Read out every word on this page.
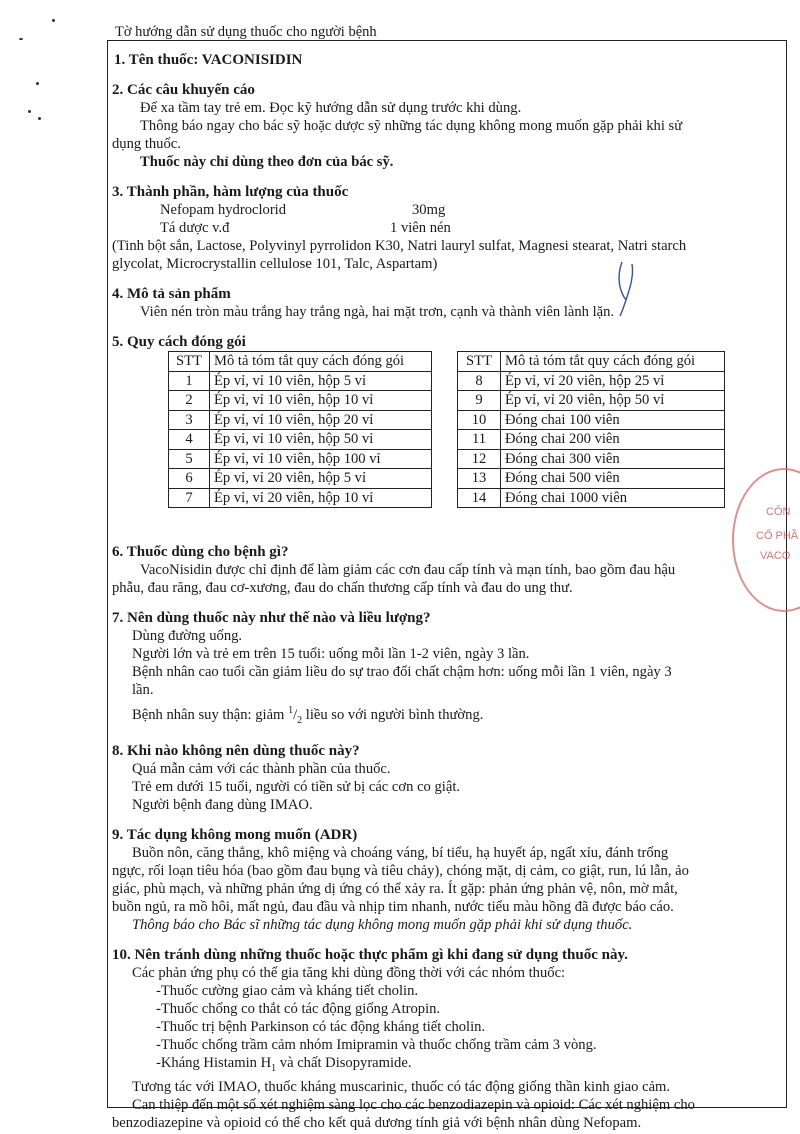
Tờ hướng dẫn sử dụng thuốc cho người bệnh
1. Tên thuốc: VACONISIDIN
2. Các câu khuyến cáo

Để xa tầm tay trẻ em. Đọc kỹ hướng dẫn sử dụng trước khi dùng.

Thông báo ngay cho bác sỹ hoặc dược sỹ những tác dụng không mong muốn gặp phải khi sử

dụng thuốc.

Thuốc này chỉ dùng theo đơn của bác sỹ.

3. Thành phần, hàm lượng của thuốc
Nefopam hydroclorid	30mg
Tá dược v.đ	1 viên nén

(Tinh bột sắn, Lactose, Polyvinyl pyrrolidon K30, Natri lauryl sulfat, Magnesi stearat, Natri starch

glycolat, Microcrystallin cellulose 101, Talc, Aspartam)

4. Mô tả sản phẩm

Viên nén tròn màu trắng hay trắng ngà, hai mặt trơn, cạnh và thành viên lành lặn.

5. Quy cách đóng gói
STT	Mô tả tóm tắt quy cách đóng gói
1	Ép vỉ, vỉ 10 viên, hộp 5 vỉ
2	Ép vỉ, vỉ 10 viên, hộp 10 vỉ
3	Ép vỉ, vỉ 10 viên, hộp 20 vỉ
4	Ép vỉ, vỉ 10 viên, hộp 50 vỉ
5	Ép vỉ, vỉ 10 viên, hộp 100 vỉ
6	Ép vỉ, vỉ 20 viên, hộp 5 vỉ
7	Ép vỉ, vỉ 20 viên, hộp 10 vỉ
STT	Mô tả tóm tắt quy cách đóng gói
8	Ép vỉ, vỉ 20 viên, hộp 25 vỉ
9	Ép vỉ, vỉ 20 viên, hộp 50 vỉ
10	Đóng chai 100 viên
11	Đóng chai 200 viên
12	Đóng chai 300 viên
13	Đóng chai 500 viên
14	Đóng chai 1000 viên
6. Thuốc dùng cho bệnh gì?

VacoNisidin được chỉ định để làm giảm các cơn đau cấp tính và mạn tính, bao gồm đau hậu

phẫu, đau răng, đau cơ-xương, đau do chấn thương cấp tính và đau do ung thư.

7. Nên dùng thuốc này như thế nào và liều lượng?

Dùng đường uống.

Người lớn và trẻ em trên 15 tuổi: uống mỗi lần 1-2 viên, ngày 3 lần.

Bệnh nhân cao tuổi cần giảm liều do sự trao đổi chất chậm hơn: uống mỗi lần 1 viên, ngày 3

lần.

Bệnh nhân suy thận: giảm $^1/_2$ liều so với người bình thường.

8. Khi nào không nên dùng thuốc này?

Quá mẫn cảm với các thành phần của thuốc.

Trẻ em dưới 15 tuổi, người có tiền sử bị các cơn co giật.

Người bệnh đang dùng IMAO.

9. Tác dụng không mong muốn (ADR)

Buồn nôn, căng thẳng, khô miệng và choáng váng, bí tiểu, hạ huyết áp, ngất xỉu, đánh trống

ngực, rối loạn tiêu hóa (bao gồm đau bụng và tiêu chảy), chóng mặt, dị cảm, co giật, run, lú lẫn, ảo

giác, phù mạch, và những phản ứng dị ứng có thể xảy ra. Ít gặp: phản ứng phản vệ, nôn, mờ mắt,

buồn ngủ, ra mồ hôi, mất ngủ, đau đầu và nhịp tim nhanh, nước tiểu màu hồng đã được báo cáo.

Thông báo cho Bác sĩ những tác dụng không mong muốn gặp phải khi sử dụng thuốc.

10. Nên tránh dùng những thuốc hoặc thực phẩm gì khi đang sử dụng thuốc này.

Các phản ứng phụ có thể gia tăng khi dùng đồng thời với các nhóm thuốc:

-Thuốc cường giao cảm và kháng tiết cholin.

-Thuốc chống co thắt có tác động giống Atropin.

-Thuốc trị bệnh Parkinson có tác động kháng tiết cholin.

-Thuốc chống trầm cảm nhóm Imipramin và thuốc chống trầm cảm 3 vòng.

-Kháng Histamin $H_1$ và chất Disopyramide.

Tương tác với IMAO, thuốc kháng muscarinic, thuốc có tác động giống thần kinh giao cảm.

Can thiệp đến một số xét nghiệm sàng lọc cho các benzodiazepin và opioid: Các xét nghiệm cho

benzodiazepine và opioid có thể cho kết quả dương tính giả với bệnh nhân dùng Nefopam.

CÔN
CỔ PHẦ
VACO
